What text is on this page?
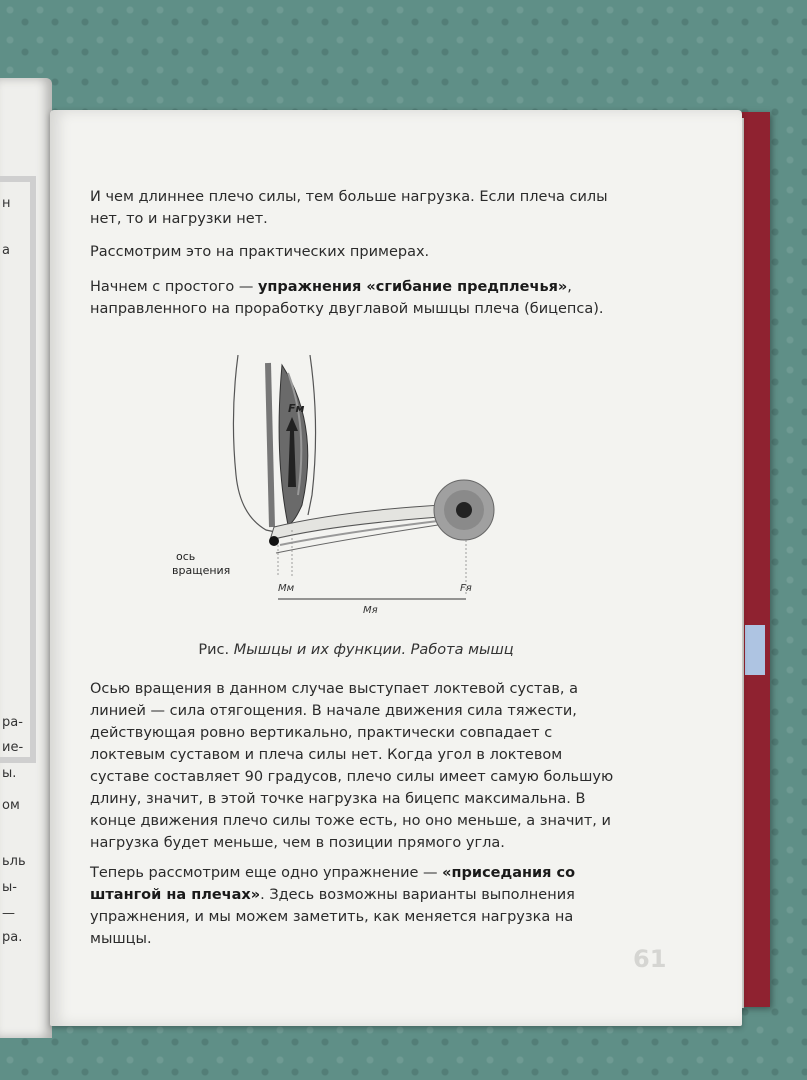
н
а
ра-
ие-
ы.
ом
ьль
ы-
—
ра.

И чем длиннее плечо силы, тем больше нагрузка. Если плеча силы нет, то и нагрузки нет.

Рассмотрим это на практических примерах.

Начнем с простого — упражнения «сгибание предплечья», направленного на проработку двуглавой мышцы плеча (бицепса).

Fм
ось
вращения
Mм	Fя
Mя

Рис. Мышцы и их функции. Работа мышц

Осью вращения в данном случае выступает локтевой сустав, а линией — сила отягощения. В начале движения сила тяжести, действующая ровно вертикально, практически совпадает с локтевым суставом и плеча силы нет. Когда угол в локтевом суставе составляет 90 градусов, плечо силы имеет самую большую длину, значит, в этой точке нагрузка на бицепс максимальна. В конце движения плечо силы тоже есть, но оно меньше, а значит, и нагрузка будет меньше, чем в позиции прямого угла.

Теперь рассмотрим еще одно упражнение — «приседания со штангой на плечах». Здесь возможны варианты выполнения упражнения, и мы можем заметить, как меняется нагрузка на мышцы.

61
